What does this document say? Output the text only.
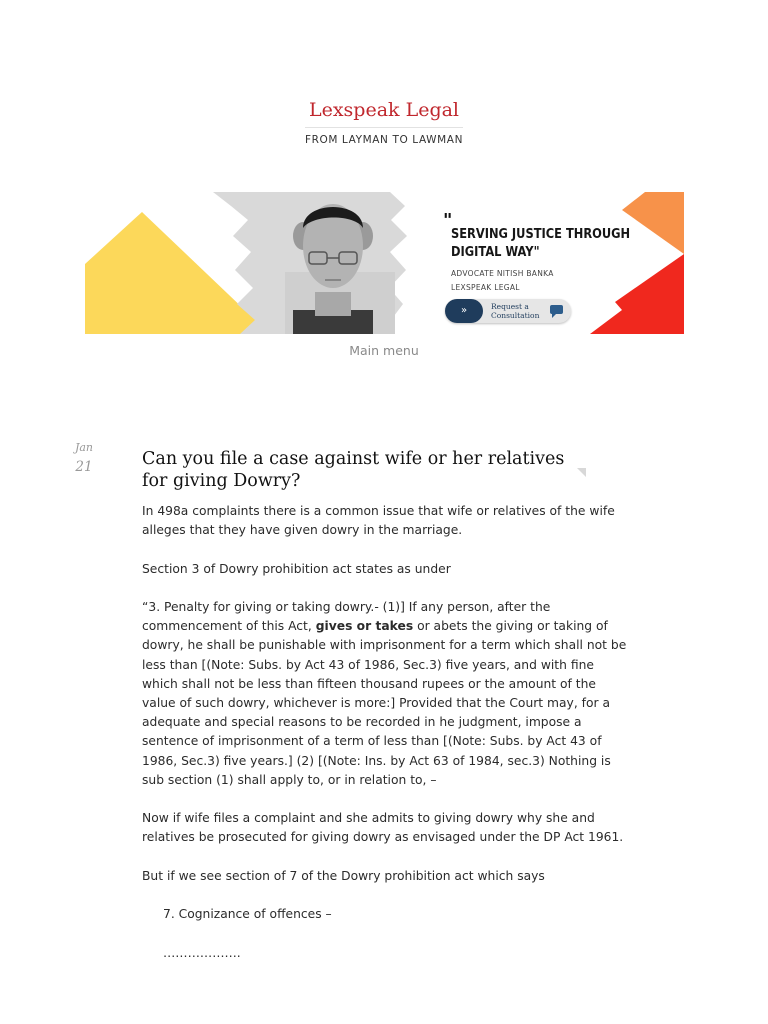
Lexspeak Legal
FROM LAYMAN TO LAWMAN
"
SERVING JUSTICE THROUGH
DIGITAL WAY"
ADVOCATE NITISH BANKA
LEXSPEAK LEGAL
»	Request a
Consultation
Main menu
Jan
21	Can you file a case against wife or her relatives for giving Dowry?

In 498a complaints there is a common issue that wife or relatives of the wife alleges that they have given dowry in the marriage.

Section 3 of Dowry prohibition act states as under

“3. Penalty for giving or taking dowry.- (1)] If any person, after the commencement of this Act, gives or takes or abets the giving or taking of dowry, he shall be punishable with imprisonment for a term which shall not be less than [(Note: Subs. by Act 43 of 1986, Sec.3) five years, and with fine which shall not be less than fifteen thousand rupees or the amount of the value of such dowry, whichever is more:] Provided that the Court may, for a adequate and special reasons to be recorded in he judgment, impose a sentence of imprisonment of a term of less than [(Note: Subs. by Act 43 of 1986, Sec.3) five years.] (2) [(Note: Ins. by Act 63 of 1984, sec.3) Nothing is sub section (1) shall apply to, or in relation to, –

Now if wife files a complaint and she admits to giving dowry why she and relatives be prosecuted for giving dowry as envisaged under the DP Act 1961.

But if we see section of 7 of the Dowry prohibition act which says

7. Cognizance of offences –

……………….
